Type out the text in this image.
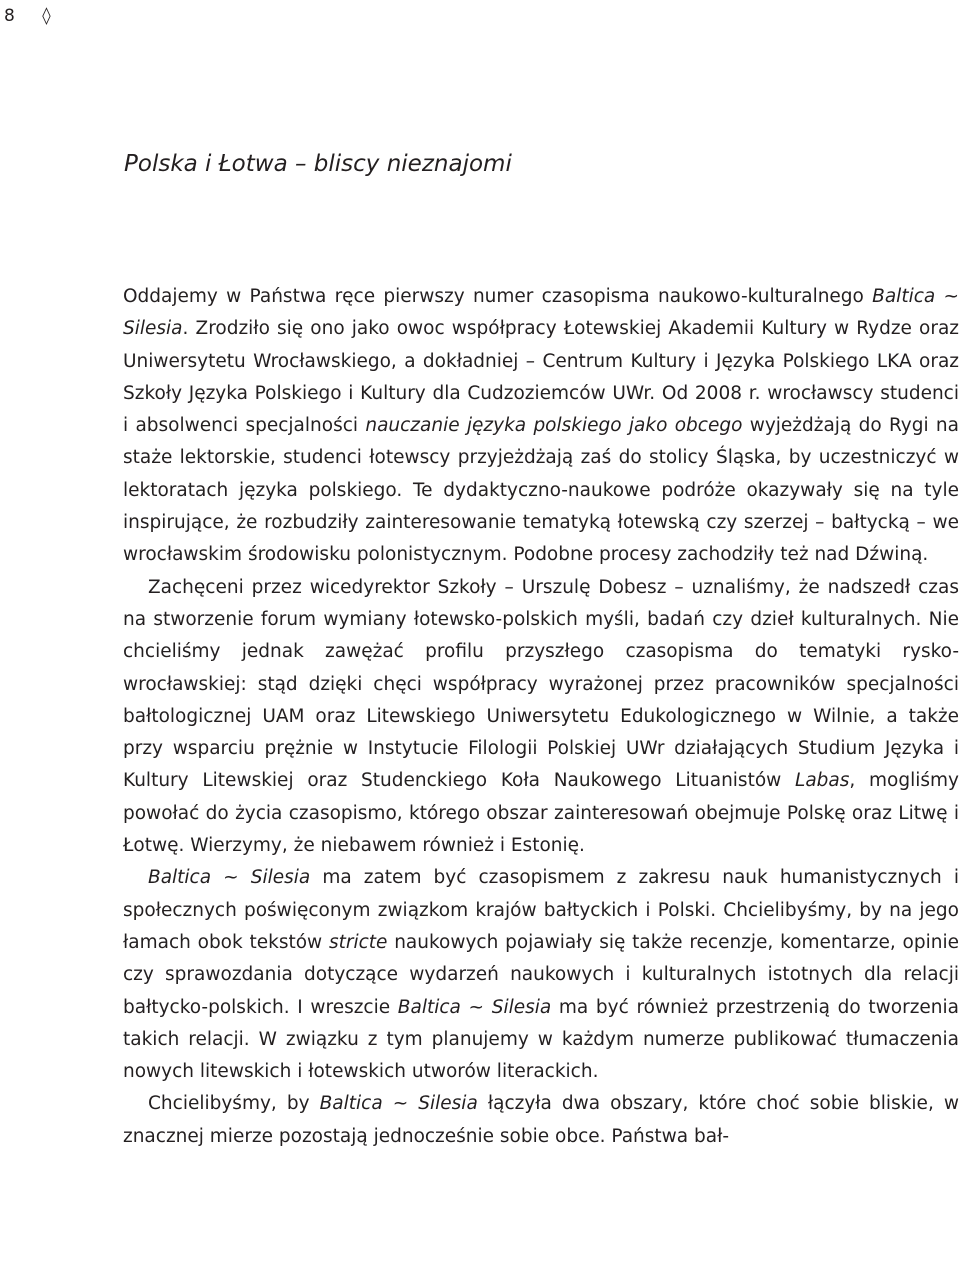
8 ◊
Polska i Łotwa – bliscy nieznajomi

Oddajemy w Państwa ręce pierwszy numer czasopisma naukowo-kulturalnego Baltica ~ Silesia. Zrodziło się ono jako owoc współpracy Łotewskiej Akademii Kultury w Rydze oraz Uniwersytetu Wrocławskiego, a dokładniej – Centrum Kultury i Języka Polskiego LKA oraz Szkoły Języka Polskiego i Kultury dla Cudzoziemców UWr. Od 2008 r. wrocławscy studenci i absolwenci specjalności nauczanie języka polskiego jako obcego wyjeżdżają do Rygi na staże lektorskie, studenci łotewscy przyjeżdżają zaś do stolicy Śląska, by uczestniczyć w lektoratach języka polskiego. Te dydaktyczno-naukowe podróże okazywały się na tyle inspirujące, że rozbudziły zainteresowanie tematyką łotewską czy szerzej – bałtycką – we wrocławskim środowisku polonistycznym. Podobne procesy zachodziły też nad Dźwiną.

Zachęceni przez wicedyrektor Szkoły – Urszulę Dobesz – uznaliśmy, że nadszedł czas na stworzenie forum wymiany łotewsko-polskich myśli, badań czy dzieł kulturalnych. Nie chcieliśmy jednak zawężać profilu przyszłego czasopisma do tematyki rysko-wrocławskiej: stąd dzięki chęci współpracy wyrażonej przez pracowników specjalności bałtologicznej UAM oraz Litewskiego Uniwersytetu Edukologicznego w Wilnie, a także przy wsparciu prężnie w Instytucie Filologii Polskiej UWr działających Studium Języka i Kultury Litewskiej oraz Studenckiego Koła Naukowego Lituanistów Labas, mogliśmy powołać do życia czasopismo, którego obszar zainteresowań obejmuje Polskę oraz Litwę i Łotwę. Wierzymy, że niebawem również i Estonię.

Baltica ~ Silesia ma zatem być czasopismem z zakresu nauk humanistycznych i społecznych poświęconym związkom krajów bałtyckich i Polski. Chcielibyśmy, by na jego łamach obok tekstów stricte naukowych pojawiały się także recenzje, komentarze, opinie czy sprawozdania dotyczące wydarzeń naukowych i kulturalnych istotnych dla relacji bałtycko-polskich. I wreszcie Baltica ~ Silesia ma być również przestrzenią do tworzenia takich relacji. W związku z tym planujemy w każdym numerze publikować tłumaczenia nowych litewskich i łotewskich utworów literackich.

Chcielibyśmy, by Baltica ~ Silesia łączyła dwa obszary, które choć sobie bliskie, w znacznej mierze pozostają jednocześnie sobie obce. Państwa bał-
